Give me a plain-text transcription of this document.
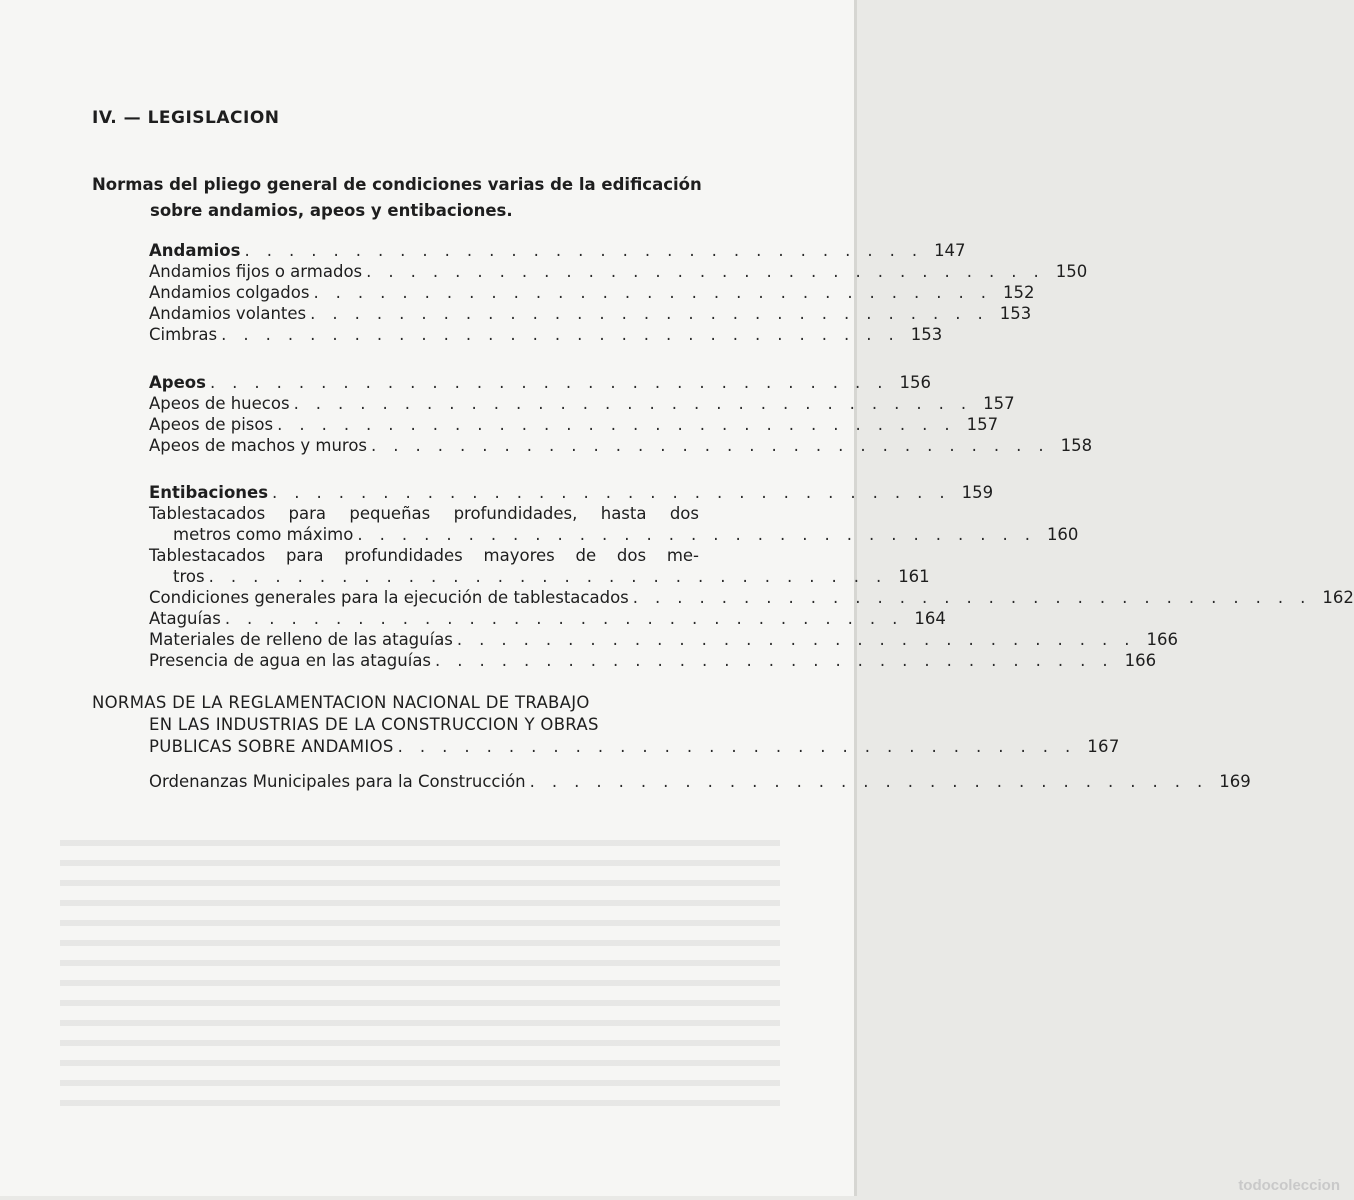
IV. — LEGISLACION
Normas del pliego general de condiciones varias de la edificación
sobre andamios, apeos y entibaciones.
Andamios ............................... 147
Andamios fijos o armados ............................... 150
Andamios colgados ............................... 152
Andamios volantes ............................... 153
Cimbras ............................... 153
Apeos ............................... 156
Apeos de huecos ............................... 157
Apeos de pisos ............................... 157
Apeos de machos y muros ............................... 158
Entibaciones ............................... 159
Tablestacados para pequeñas profundidades, hasta dos
metros como máximo ............................... 160
Tablestacados para profundidades mayores de dos me-
tros ............................... 161
Condiciones generales para la ejecución de tablestacados ............................... 162
Ataguías ............................... 164
Materiales de relleno de las ataguías ............................... 166
Presencia de agua en las ataguías ............................... 166
NORMAS DE LA REGLAMENTACION NACIONAL DE TRABAJO
EN LAS INDUSTRIAS DE LA CONSTRUCCION Y OBRAS
PUBLICAS SOBRE ANDAMIOS ............................... 167
Ordenanzas Municipales para la Construcción ............................... 169
todocoleccion
